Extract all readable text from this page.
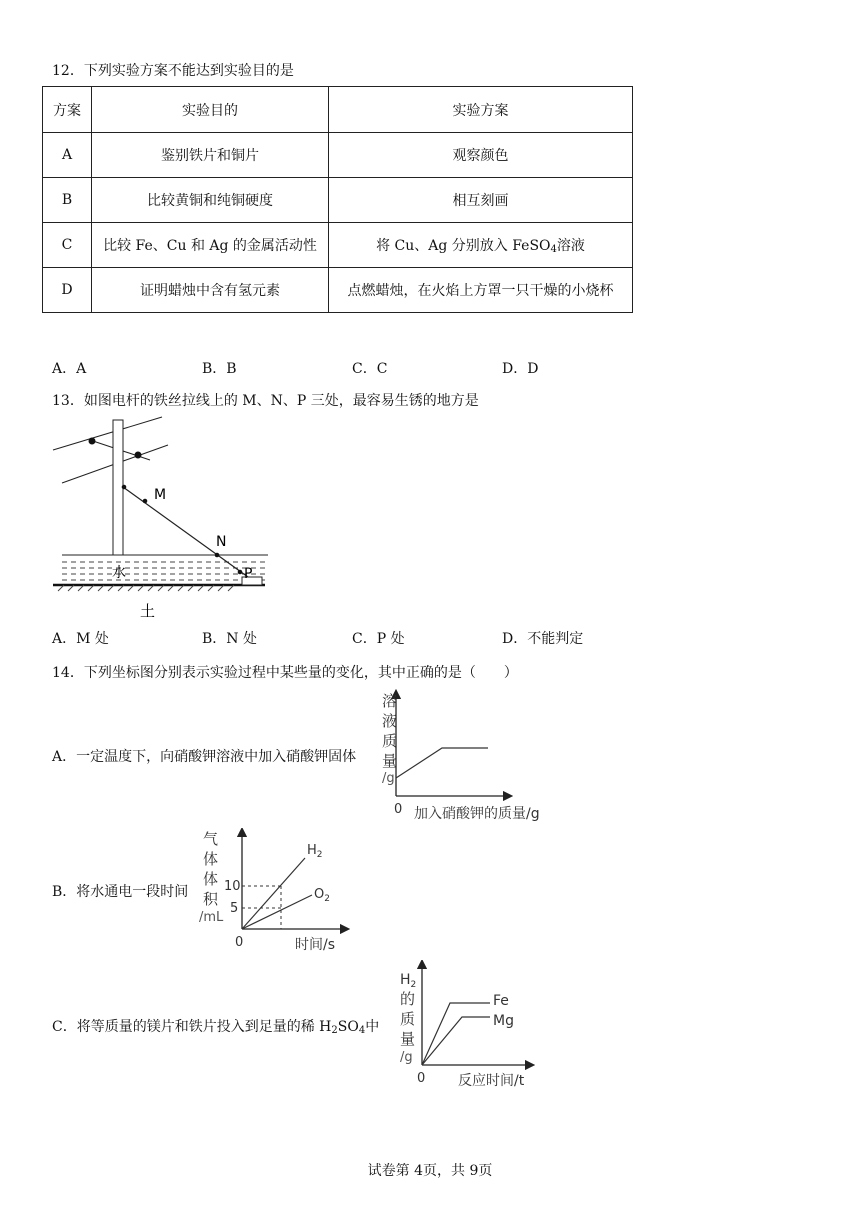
12．下列实验方案不能达到实验目的是
方案	实验目的	实验方案
A	鉴别铁片和铜片	观察颜色
B	比较黄铜和纯铜硬度	相互刻画
C	比较 Fe、Cu 和 Ag 的金属活动性	将 Cu、Ag 分别放入 FeSO$_4$溶液
D	证明蜡烛中含有氢元素	点燃蜡烛，在火焰上方罩一只干燥的小烧杯
A．A	B．B	C．C	D．D
13．如图电杆的铁丝拉线上的 M、N、P 三处，最容易生锈的地方是
M
N
P
水
土
A．M 处	B．N 处	C．P 处	D．不能判定
14．下列坐标图分别表示实验过程中某些量的变化，其中正确的是（　　）
A．一定温度下，向硝酸钾溶液中加入硝酸钾固体
溶
液
质
量
/g
0 加入硝酸钾的质量/g
B．将水通电一段时间
气
体
体
积
/mL
10
5
0	时间/s
$H_2$
$O_2$
C．将等质量的镁片和铁片投入到足量的稀 $H_2SO_4$中
$H_2$
的
质
量
/g
0 反应时间/t
Fe
Mg
试卷第 4页，共 9页
